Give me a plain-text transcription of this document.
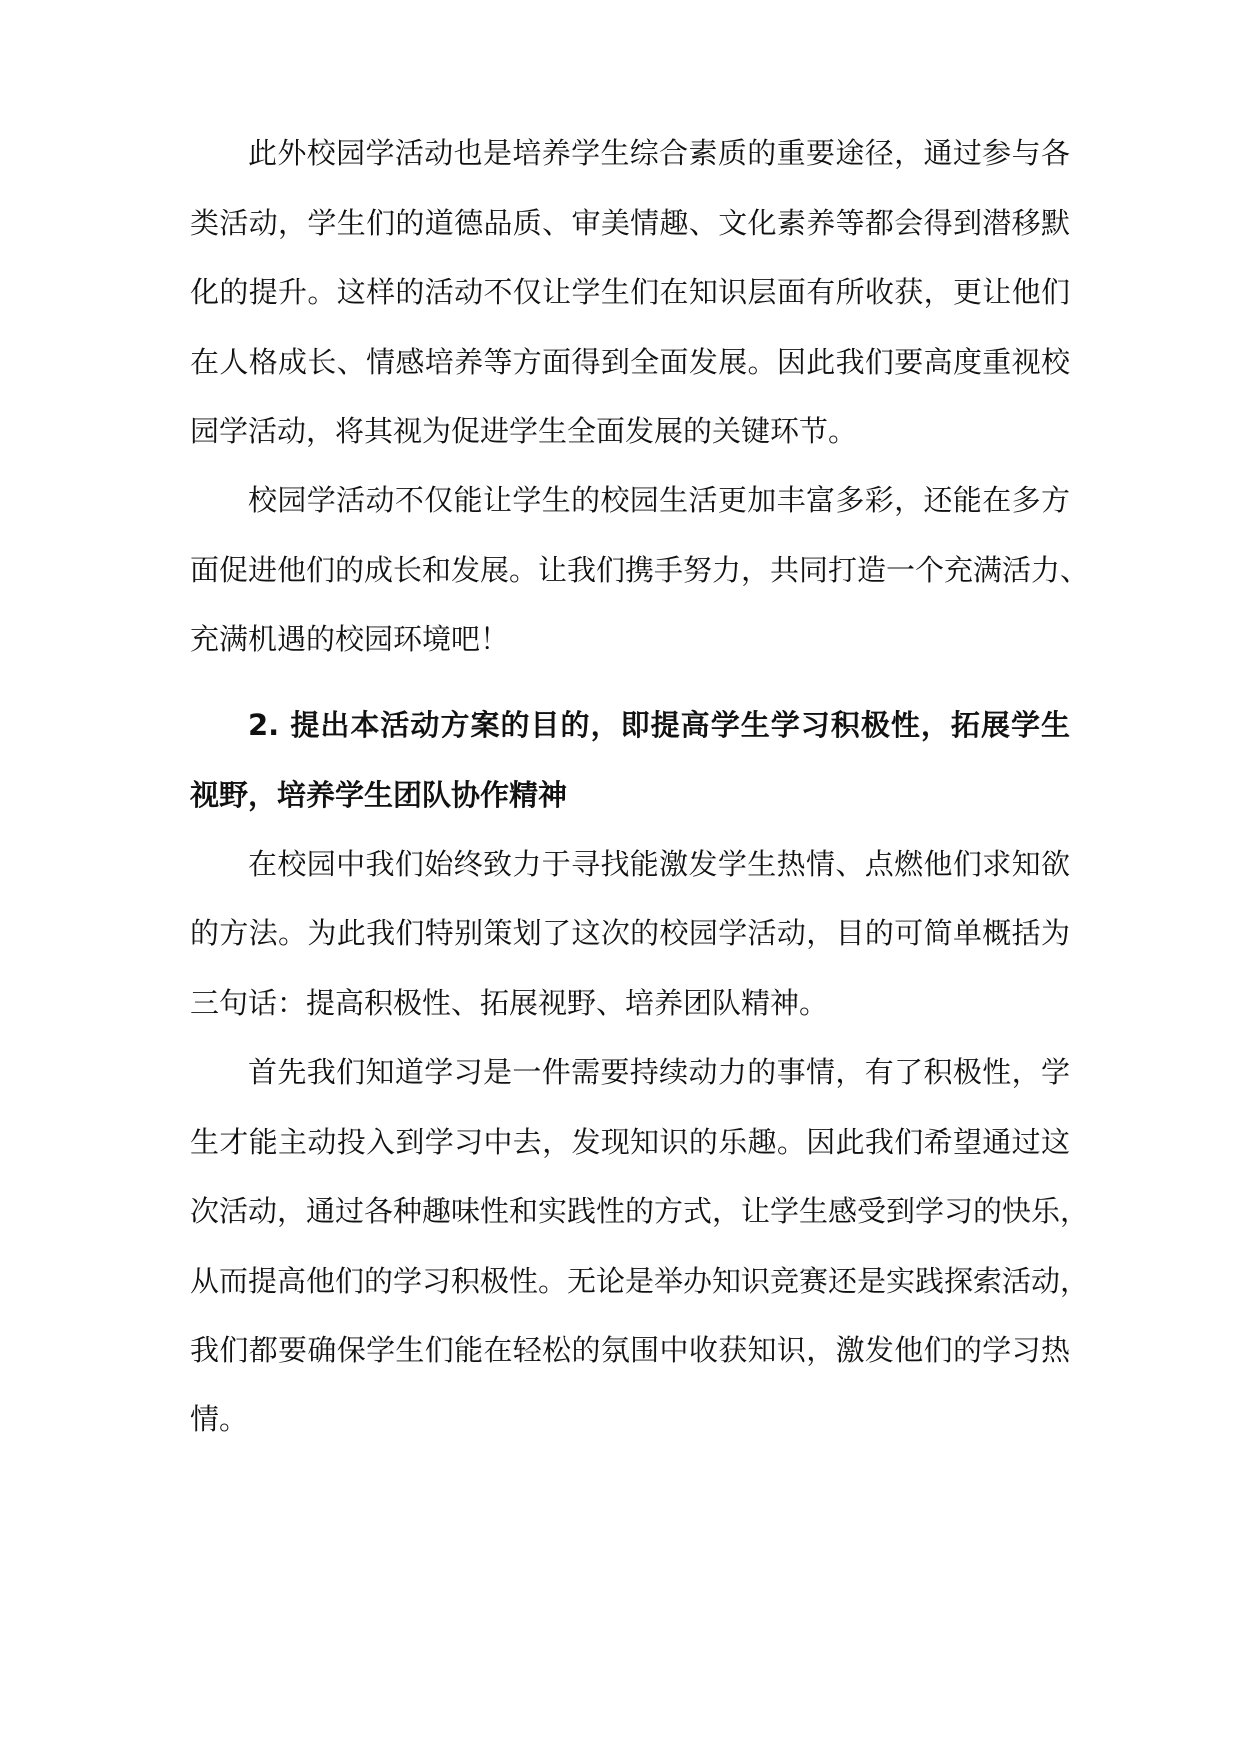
此外校园学活动也是培养学生综合素质的重要途径，通过参与各
类活动，学生们的道德品质、审美情趣、文化素养等都会得到潜移默
化的提升。这样的活动不仅让学生们在知识层面有所收获，更让他们
在人格成长、情感培养等方面得到全面发展。因此我们要高度重视校
园学活动，将其视为促进学生全面发展的关键环节。
校园学活动不仅能让学生的校园生活更加丰富多彩，还能在多方
面促进他们的成长和发展。让我们携手努力，共同打造一个充满活力、
充满机遇的校园环境吧！
2. 提出本活动方案的目的，即提高学生学习积极性，拓展学生
视野，培养学生团队协作精神
在校园中我们始终致力于寻找能激发学生热情、点燃他们求知欲
的方法。为此我们特别策划了这次的校园学活动，目的可简单概括为
三句话：提高积极性、拓展视野、培养团队精神。
首先我们知道学习是一件需要持续动力的事情，有了积极性，学
生才能主动投入到学习中去，发现知识的乐趣。因此我们希望通过这
次活动，通过各种趣味性和实践性的方式，让学生感受到学习的快乐，
从而提高他们的学习积极性。无论是举办知识竞赛还是实践探索活动，
我们都要确保学生们能在轻松的氛围中收获知识，激发他们的学习热
情。
